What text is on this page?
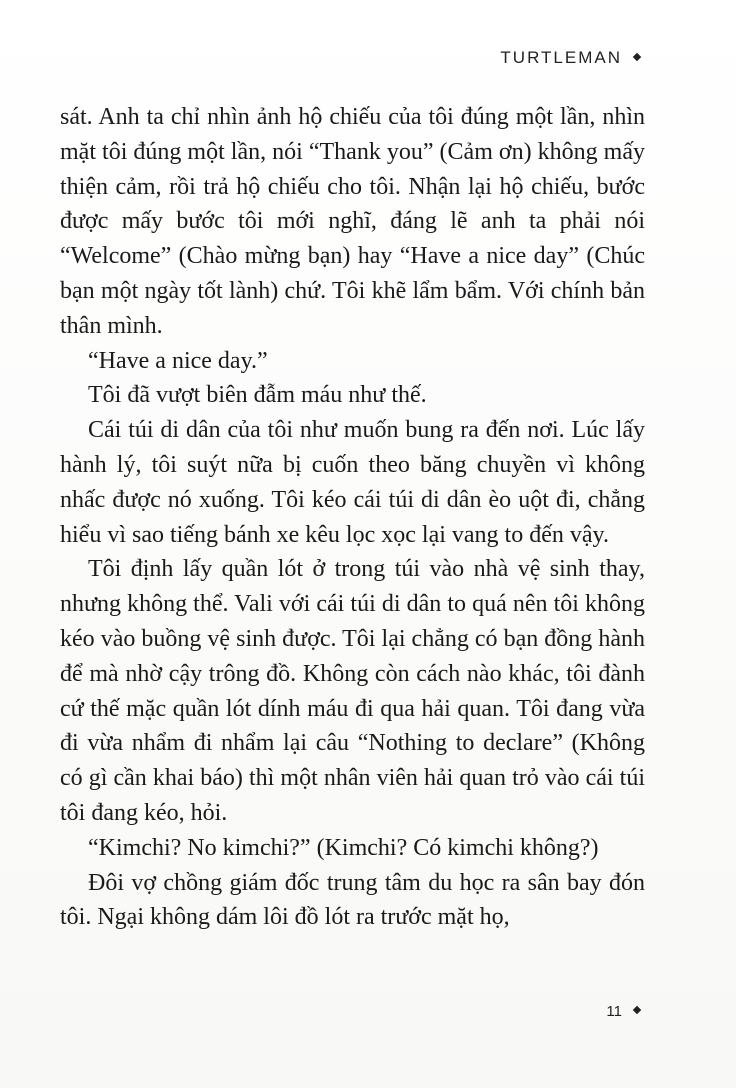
TURTLEMAN

sát. Anh ta chỉ nhìn ảnh hộ chiếu của tôi đúng một lần, nhìn mặt tôi đúng một lần, nói “Thank you” (Cảm ơn) không mấy thiện cảm, rồi trả hộ chiếu cho tôi. Nhận lại hộ chiếu, bước được mấy bước tôi mới nghĩ, đáng lẽ anh ta phải nói “Welcome” (Chào mừng bạn) hay “Have a nice day” (Chúc bạn một ngày tốt lành) chứ. Tôi khẽ lẩm bẩm. Với chính bản thân mình.

“Have a nice day.”

Tôi đã vượt biên đẫm máu như thế.

Cái túi di dân của tôi như muốn bung ra đến nơi. Lúc lấy hành lý, tôi suýt nữa bị cuốn theo băng chuyền vì không nhấc được nó xuống. Tôi kéo cái túi di dân èo uột đi, chẳng hiểu vì sao tiếng bánh xe kêu lọc xọc lại vang to đến vậy.

Tôi định lấy quần lót ở trong túi vào nhà vệ sinh thay, nhưng không thể. Vali với cái túi di dân to quá nên tôi không kéo vào buồng vệ sinh được. Tôi lại chẳng có bạn đồng hành để mà nhờ cậy trông đồ. Không còn cách nào khác, tôi đành cứ thế mặc quần lót dính máu đi qua hải quan. Tôi đang vừa đi vừa nhẩm đi nhẩm lại câu “Nothing to declare” (Không có gì cần khai báo) thì một nhân viên hải quan trỏ vào cái túi tôi đang kéo, hỏi.

“Kimchi? No kimchi?” (Kimchi? Có kimchi không?)

Đôi vợ chồng giám đốc trung tâm du học ra sân bay đón tôi. Ngại không dám lôi đồ lót ra trước mặt họ,

11
